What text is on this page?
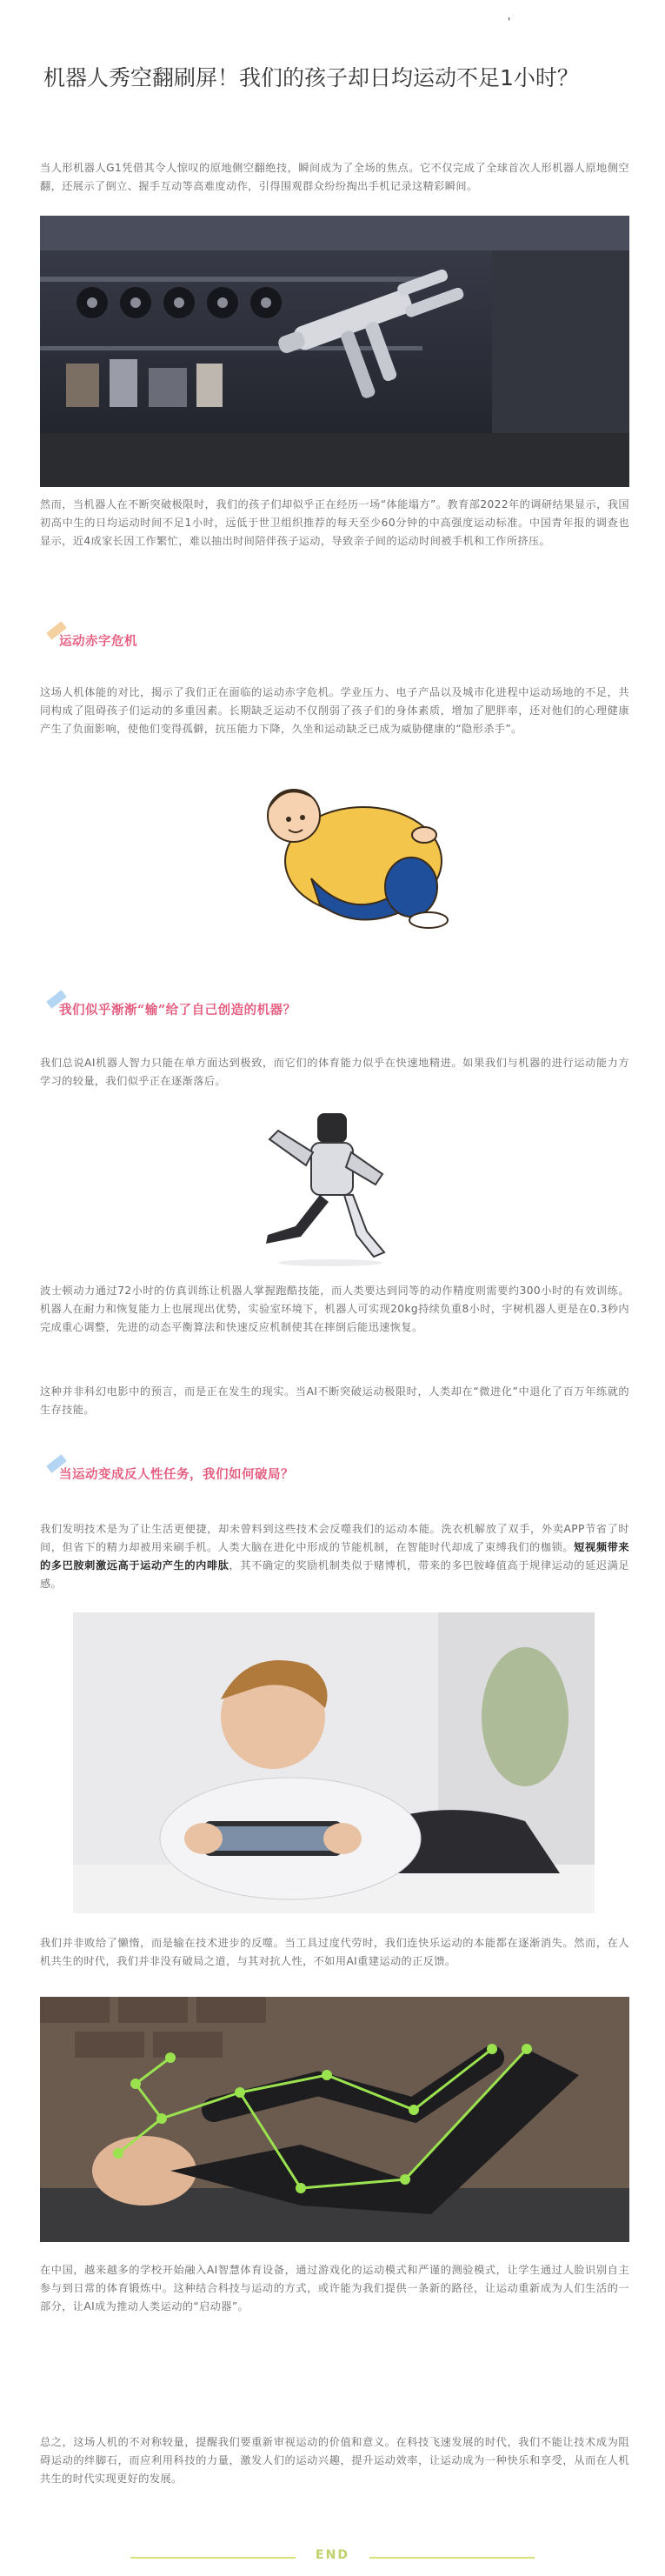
'
机器人秀空翻刷屏！我们的孩子却日均运动不足1小时？

当人形机器人G1凭借其令人惊叹的原地侧空翻绝技，瞬间成为了全场的焦点。它不仅完成了全球首次人形机器人原地侧空翻，还展示了倒立、握手互动等高难度动作，引得围观群众纷纷掏出手机记录这精彩瞬间。

然而，当机器人在不断突破极限时，我们的孩子们却似乎正在经历一场“体能塌方”。教育部2022年的调研结果显示，我国初高中生的日均运动时间不足1小时，远低于世卫组织推荐的每天至少60分钟的中高强度运动标准。中国青年报的调查也显示，近4成家长因工作繁忙，难以抽出时间陪伴孩子运动，导致亲子间的运动时间被手机和工作所挤压。

运动赤字危机

这场人机体能的对比，揭示了我们正在面临的运动赤字危机。学业压力、电子产品以及城市化进程中运动场地的不足，共同构成了阻碍孩子们运动的多重因素。长期缺乏运动不仅削弱了孩子们的身体素质，增加了肥胖率，还对他们的心理健康产生了负面影响，使他们变得孤僻，抗压能力下降，久坐和运动缺乏已成为威胁健康的“隐形杀手”。

我们似乎渐渐“输”给了自己创造的机器？

我们总说AI机器人智力只能在单方面达到极致，而它们的体育能力似乎在快速地精进。如果我们与机器的进行运动能力方学习的较量，我们似乎正在逐渐落后。

波士顿动力通过72小时的仿真训练让机器人掌握跑酷技能，而人类要达到同等的动作精度则需要约300小时的有效训练。机器人在耐力和恢复能力上也展现出优势，实验室环境下，机器人可实现20kg持续负重8小时，宇树机器人更是在0.3秒内完成重心调整，先进的动态平衡算法和快速反应机制使其在摔倒后能迅速恢复。

这种并非科幻电影中的预言，而是正在发生的现实。当AI不断突破运动极限时，人类却在“微进化”中退化了百万年练就的生存技能。

当运动变成反人性任务，我们如何破局？

我们发明技术是为了让生活更便捷，却未曾料到这些技术会反噬我们的运动本能。洗衣机解放了双手，外卖APP节省了时间，但省下的精力却被用来刷手机。人类大脑在进化中形成的节能机制，在智能时代却成了束缚我们的枷锁。短视频带来的多巴胺刺激远高于运动产生的内啡肽，其不确定的奖励机制类似于赌博机，带来的多巴胺峰值高于规律运动的延迟满足感。

我们并非败给了懒惰，而是输在技术进步的反噬。当工具过度代劳时，我们连快乐运动的本能都在逐渐消失。然而，在人机共生的时代，我们并非没有破局之道，与其对抗人性，不如用AI重建运动的正反馈。

在中国，越来越多的学校开始融入AI智慧体育设备，通过游戏化的运动模式和严谨的测验模式，让学生通过人脸识别自主参与到日常的体育锻炼中。这种结合科技与运动的方式，或许能为我们提供一条新的路径，让运动重新成为人们生活的一部分，让AI成为推动人类运动的“启动器”。

总之，这场人机的不对称较量，提醒我们要重新审视运动的价值和意义。在科技飞速发展的时代，我们不能让技术成为阻碍运动的绊脚石，而应利用科技的力量，激发人们的运动兴趣，提升运动效率，让运动成为一种快乐和享受，从而在人机共生的时代实现更好的发展。

END
